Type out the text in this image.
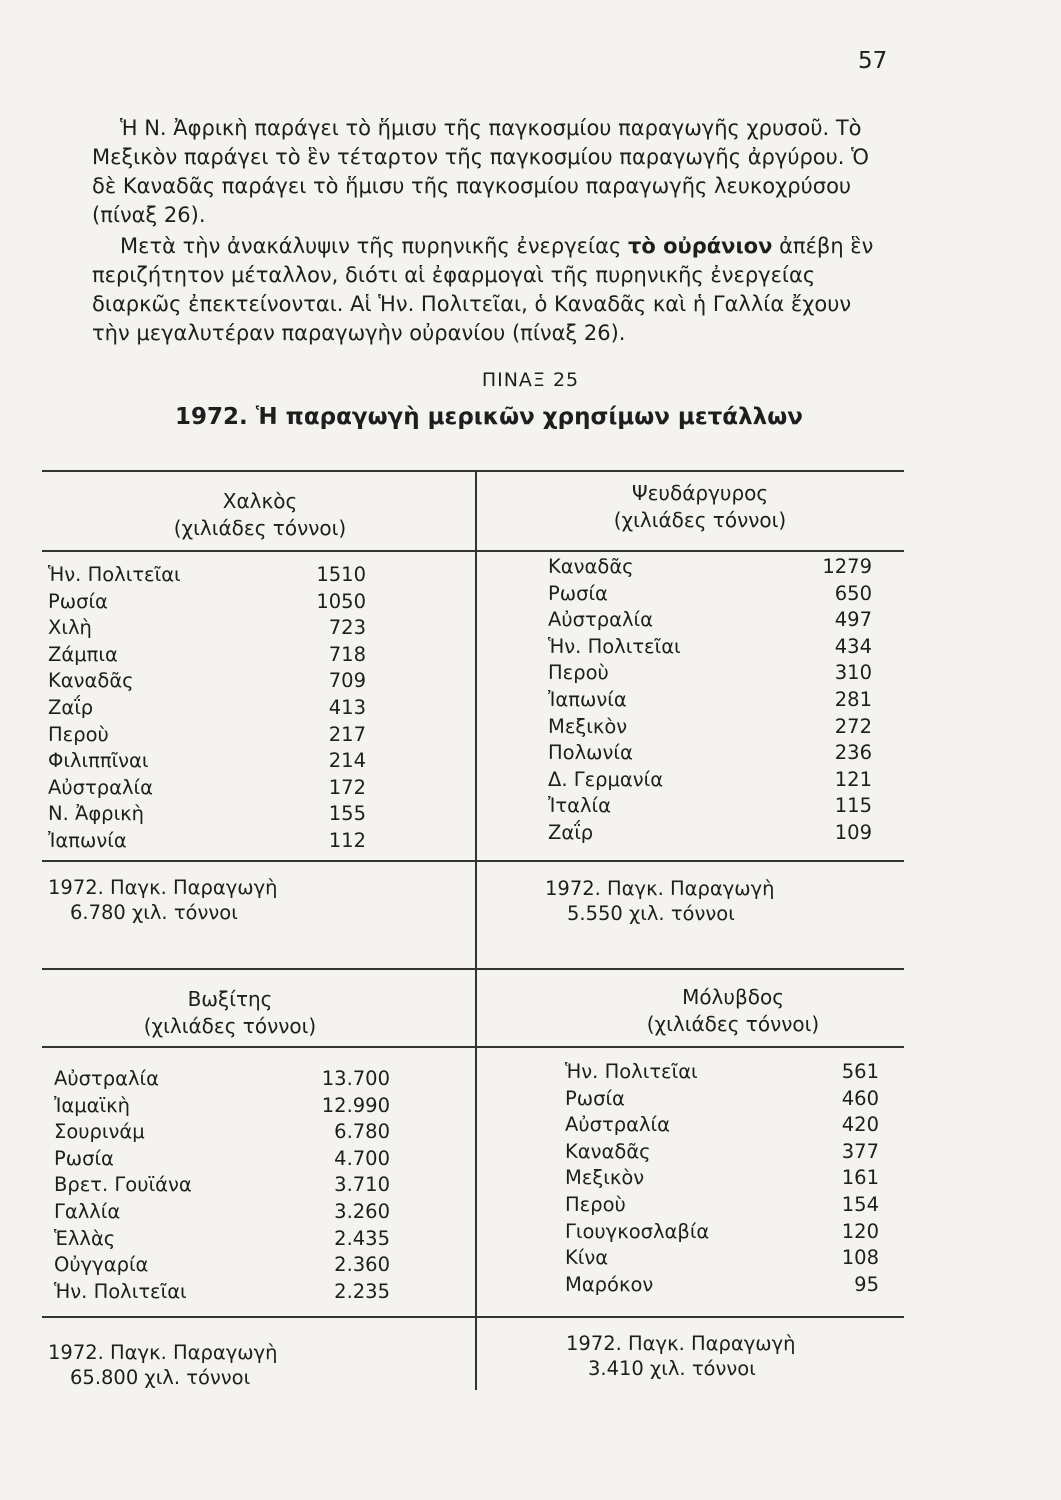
57

Ἡ Ν. Ἀφρικὴ παράγει τὸ ἥμισυ τῆς παγκοσμίου παραγωγῆς χρυσοῦ. Τὸ Μεξικὸν παράγει τὸ ἓν τέταρτον τῆς παγκοσμίου παραγωγῆς ἀργύρου. Ὁ δὲ Καναδᾶς παράγει τὸ ἥμισυ τῆς παγκοσμίου παραγωγῆς λευκοχρύσου (πίναξ 26).

Μετὰ τὴν ἀνακάλυψιν τῆς πυρηνικῆς ἐνεργείας τὸ οὐράνιον ἀπέβη ἓν περιζήτητον μέταλλον, διότι αἱ ἐφαρμογαὶ τῆς πυρηνικῆς ἐνεργείας διαρκῶς ἐπεκτείνονται. Αἱ Ἡν. Πολιτεῖαι, ὁ Καναδᾶς καὶ ἡ Γαλλία ἔχουν τὴν μεγαλυτέραν παραγωγὴν οὐρανίου (πίναξ 26).

ΠΙΝΑΞ 25
1972. Ἡ παραγωγὴ μερικῶν χρησίμων μετάλλων
Χαλκὸς
(χιλιάδες τόννοι)
Ἡν. Πολιτεῖαι	1510
Ρωσία	1050
Χιλὴ	723
Ζάμπια	718
Καναδᾶς	709
Ζαΐρ	413
Περοὺ	217
Φιλιππῖναι	214
Αὐστραλία	172
Ν. Ἀφρικὴ	155
Ἰαπωνία	112
1972. Παγκ. Παραγωγὴ
6.780 χιλ. τόννοι
Ψευδάργυρος
(χιλιάδες τόννοι)
Καναδᾶς	1279
Ρωσία	650
Αὐστραλία	497
Ἡν. Πολιτεῖαι	434
Περοὺ	310
Ἰαπωνία	281
Μεξικὸν	272
Πολωνία	236
Δ. Γερμανία	121
Ἰταλία	115
Ζαΐρ	109
1972. Παγκ. Παραγωγὴ
5.550 χιλ. τόννοι
Βωξίτης
(χιλιάδες τόννοι)
Αὐστραλία	13.700
Ἰαμαϊκὴ	12.990
Σουρινάμ	6.780
Ρωσία	4.700
Βρετ. Γουϊάνα	3.710
Γαλλία	3.260
Ἑλλὰς	2.435
Οὐγγαρία	2.360
Ἡν. Πολιτεῖαι	2.235
1972. Παγκ. Παραγωγὴ
65.800 χιλ. τόννοι
Μόλυβδος
(χιλιάδες τόννοι)
Ἡν. Πολιτεῖαι	561
Ρωσία	460
Αὐστραλία	420
Καναδᾶς	377
Μεξικὸν	161
Περοὺ	154
Γιουγκοσλαβία	120
Κίνα	108
Μαρόκον	95
1972. Παγκ. Παραγωγὴ
3.410 χιλ. τόννοι
